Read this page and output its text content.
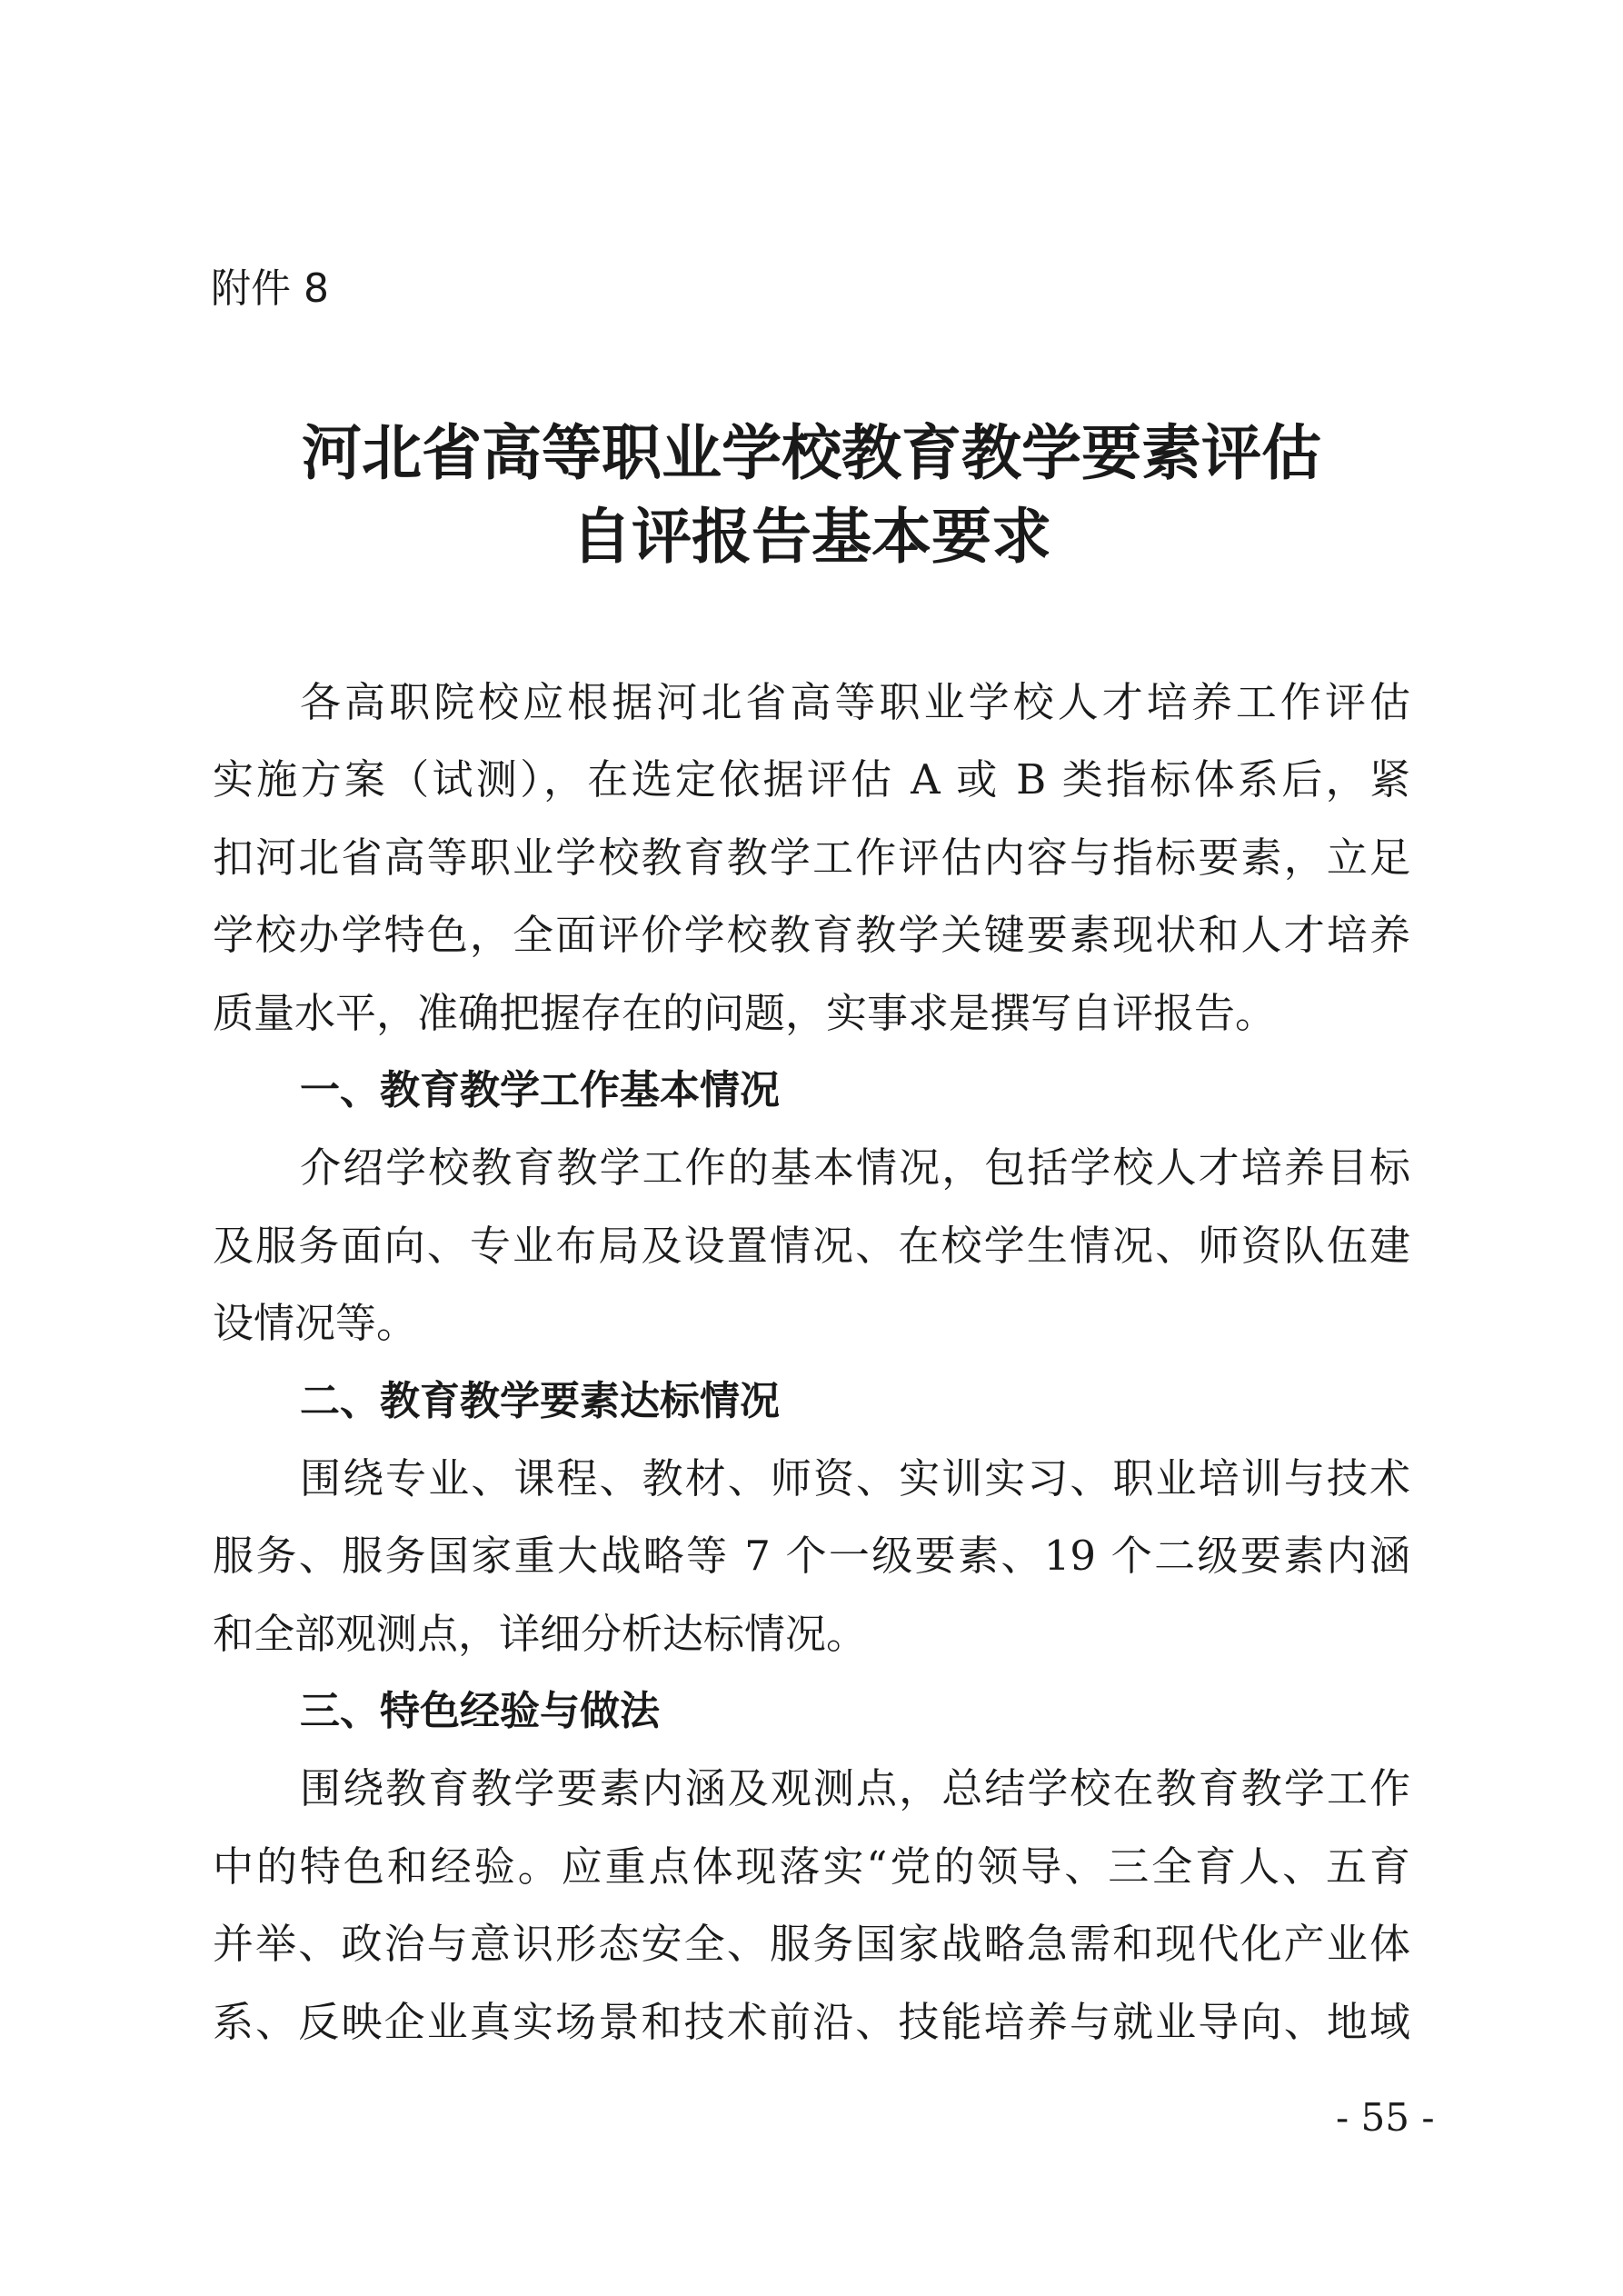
附件 8
河北省高等职业学校教育教学要素评估
自评报告基本要求
各高职院校应根据河北省高等职业学校人才培养工作评估
实施方案（试测），在选定依据评估 A 或 B 类指标体系后，紧
扣河北省高等职业学校教育教学工作评估内容与指标要素，立足
学校办学特色，全面评价学校教育教学关键要素现状和人才培养
质量水平，准确把握存在的问题，实事求是撰写自评报告。
一、教育教学工作基本情况
介绍学校教育教学工作的基本情况，包括学校人才培养目标
及服务面向、专业布局及设置情况、在校学生情况、师资队伍建
设情况等。
二、教育教学要素达标情况
围绕专业、课程、教材、师资、实训实习、职业培训与技术
服务、服务国家重大战略等 7 个一级要素、19 个二级要素内涵
和全部观测点，详细分析达标情况。
三、特色经验与做法
围绕教育教学要素内涵及观测点，总结学校在教育教学工作
中的特色和经验。应重点体现落实“党的领导、三全育人、五育
并举、政治与意识形态安全、服务国家战略急需和现代化产业体
系、反映企业真实场景和技术前沿、技能培养与就业导向、地域
- 55 -
